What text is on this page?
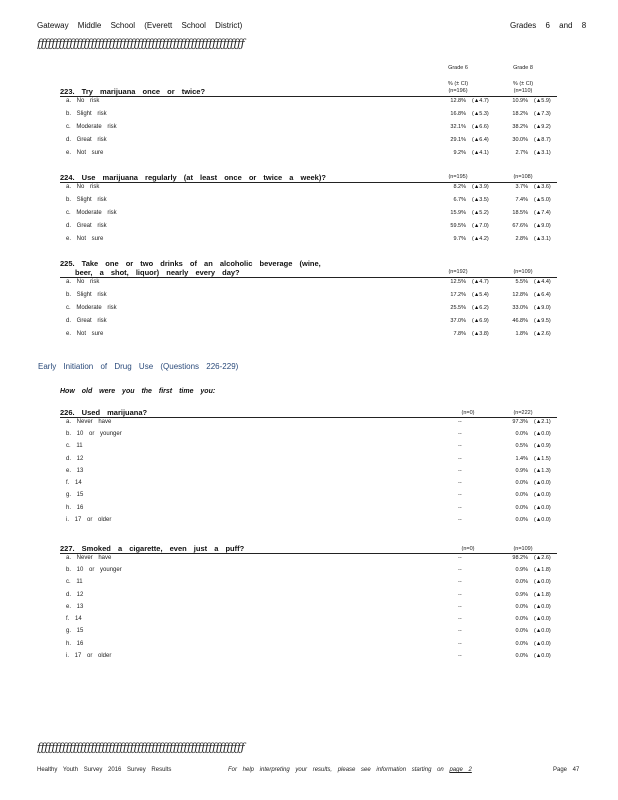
Gateway Middle School (Everett School District)	Grades 6 and 8
ƒƒƒƒƒƒƒƒƒƒƒƒƒƒƒƒƒƒƒƒƒƒƒƒƒƒƒƒƒƒƒƒƒƒƒƒƒƒƒƒƒƒƒƒƒƒƒƒƒƒƒƒƒƒƒƒƒƒ
Grade 6	Grade 8
% (± CI)	% (± CI)
(n=196)	(n=110)
223. Try marijuana once or twice?
a. No risk	12.8% (▲4.7)	10.9% (▲5.9)
b. Slight risk	16.8% (▲5.3)	18.2% (▲7.3)
c. Moderate risk	32.1% (▲6.6)	38.2% (▲9.2)
d. Great risk	29.1% (▲6.4)	30.0% (▲8.7)
e. Not sure	9.2% (▲4.1)	2.7% (▲3.1)
(n=195)	(n=108)
224. Use marijuana regularly (at least once or twice a week)?
a. No risk	8.2% (▲3.9)	3.7% (▲3.6)
b. Slight risk	6.7% (▲3.5)	7.4% (▲5.0)
c. Moderate risk	15.9% (▲5.2)	18.5% (▲7.4)
d. Great risk	59.5% (▲7.0)	67.6% (▲9.0)
e. Not sure	9.7% (▲4.2)	2.8% (▲3.1)
225. Take one or two drinks of an alcoholic beverage (wine,
beer, a shot, liquor) nearly every day?	(n=192)	(n=109)
a. No risk	12.5% (▲4.7)	5.5% (▲4.4)
b. Slight risk	17.2% (▲5.4)	12.8% (▲6.4)
c. Moderate risk	25.5% (▲6.2)	33.0% (▲9.0)
d. Great risk	37.0% (▲6.9)	46.8% (▲9.5)
e. Not sure	7.8% (▲3.8)	1.8% (▲2.6)
Early Initiation of Drug Use (Questions 226-229)
How old were you the first time you:
226. Used marijuana?	(n=0)	(n=222)
a. Never have	--	97.3% (▲2.1)
b. 10 or younger	--	0.0% (▲0.0)
c. 11	--	0.5% (▲0.9)
d. 12	--	1.4% (▲1.5)
e. 13	--	0.9% (▲1.3)
f. 14	--	0.0% (▲0.0)
g. 15	--	0.0% (▲0.0)
h. 16	--	0.0% (▲0.0)
i. 17 or older	--	0.0% (▲0.0)
227. Smoked a cigarette, even just a puff?	(n=0)	(n=109)
a. Never have	--	98.2% (▲2.6)
b. 10 or younger	--	0.9% (▲1.8)
c. 11	--	0.0% (▲0.0)
d. 12	--	0.9% (▲1.8)
e. 13	--	0.0% (▲0.0)
f. 14	--	0.0% (▲0.0)
g. 15	--	0.0% (▲0.0)
h. 16	--	0.0% (▲0.0)
i. 17 or older	--	0.0% (▲0.0)
ƒƒƒƒƒƒƒƒƒƒƒƒƒƒƒƒƒƒƒƒƒƒƒƒƒƒƒƒƒƒƒƒƒƒƒƒƒƒƒƒƒƒƒƒƒƒƒƒƒƒƒƒƒƒƒƒƒƒ
Healthy Youth Survey 2016 Survey Results	For help interpreting your results, please see information starting on page 2	Page 47
